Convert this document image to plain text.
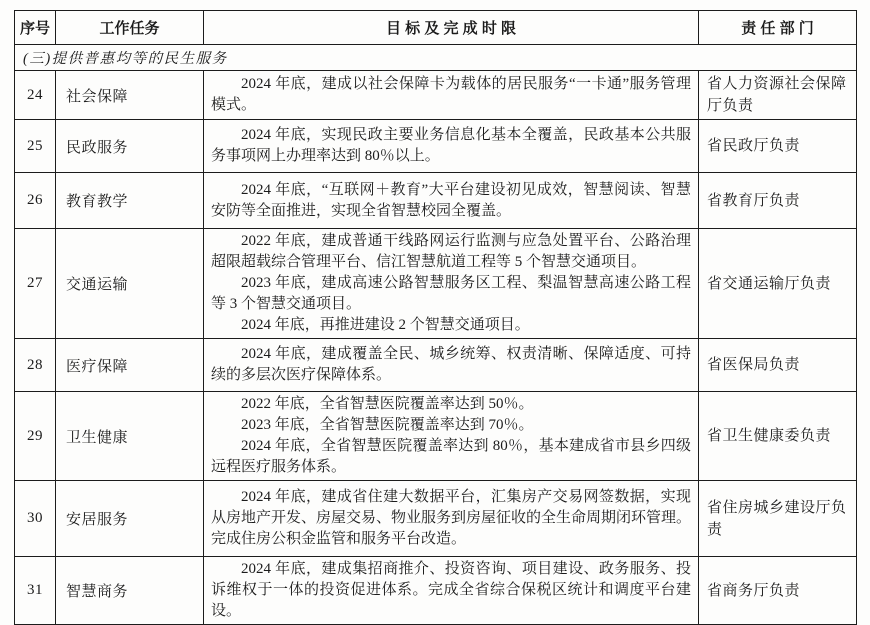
序号	工作任务	目 标 及 完 成 时 限	责 任 部 门
(三)提供普惠均等的民生服务			
24	社会保障	2024 年底，建成以社会保障卡为载体的居民服务“一卡通”服务管理模式。	省人力资源社会保障厅负责
25	民政服务	2024 年底，实现民政主要业务信息化基本全覆盖，民政基本公共服务事项网上办理率达到 80％以上。	省民政厅负责
26	教育教学	2024 年底，“互联网＋教育”大平台建设初见成效，智慧阅读、智慧安防等全面推进，实现全省智慧校园全覆盖。	省教育厅负责
27	交通运输	2022 年底，建成普通干线路网运行监测与应急处置平台、公路治理超限超载综合管理平台、信江智慧航道工程等 5 个智慧交通项目。

2023 年底，建成高速公路智慧服务区工程、梨温智慧高速公路工程等 3 个智慧交通项目。

2024 年底，再推进建设 2 个智慧交通项目。	省交通运输厅负责
28	医疗保障	2024 年底，建成覆盖全民、城乡统筹、权责清晰、保障适度、可持续的多层次医疗保障体系。	省医保局负责
29	卫生健康	2022 年底，全省智慧医院覆盖率达到 50％。

2023 年底，全省智慧医院覆盖率达到 70％。

2024 年底，全省智慧医院覆盖率达到 80％，基本建成省市县乡四级远程医疗服务体系。	省卫生健康委负责
30	安居服务	2024 年底，建成省住建大数据平台，汇集房产交易网签数据，实现从房地产开发、房屋交易、物业服务到房屋征收的全生命周期闭环管理。完成住房公积金监管和服务平台改造。	省住房城乡建设厅负责
31	智慧商务	2024 年底，建成集招商推介、投资咨询、项目建设、政务服务、投诉维权于一体的投资促进体系。完成全省综合保税区统计和调度平台建设。	省商务厅负责
